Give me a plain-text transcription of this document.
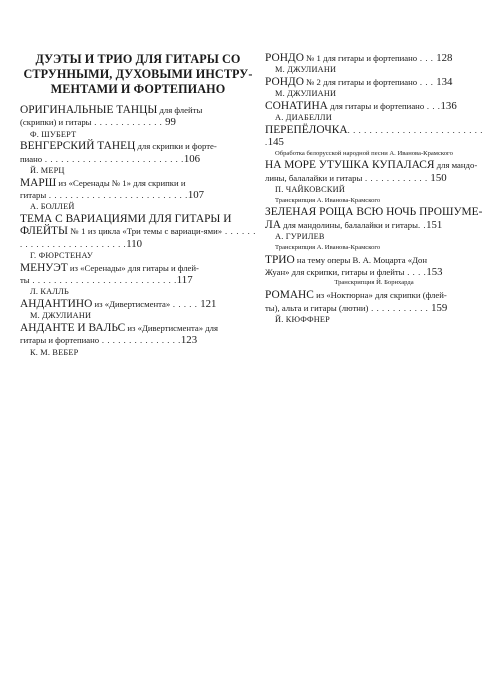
ДУЭТЫ И ТРИО ДЛЯ ГИТАРЫ СО
СТРУННЫМИ, ДУХОВЫМИ ИНСТРУ-
МЕНТАМИ И ФОРТЕПИАНО
ОРИГИНАЛЬНЫЕ ТАНЦЫ для флейты
(скрипки) и гитары . . . . . . . . . . . . . 99
Ф. ШУБЕРТ
ВЕНГЕРСКИЙ ТАНЕЦ для скрипки и форте-
пиано . . . . . . . . . . . . . . . . . . . . . . . . . .106
Й. МЕРЦ
МАРШ из «Серенады № 1» для скрипки и
гитары . . . . . . . . . . . . . . . . . . . . . . . . . .107
А. БОЛЛЕЙ
ТЕМА С ВАРИАЦИЯМИ ДЛЯ ГИТАРЫ И
ФЛЕЙТЫ № 1 из цикла «Три темы с вариаци-ями» . . . . . . . . . . . . . . . . . . . . . . . . . .110
Г. ФЮРСТЕНАУ
МЕНУЭТ из «Серенады» для гитары и флей-
ты . . . . . . . . . . . . . . . . . . . . . . . . . . .117
Л. КАЛЛЬ
АНДАНТИНО из «Дивертисмента» . . . . . 121
М. ДЖУЛИАНИ
АНДАНТЕ И ВАЛЬС из «Дивертисмента» для
гитары и фортепиано . . . . . . . . . . . . . . .123
К. М. ВЕБЕР
РОНДО № 1 для гитары и фортепиано . . . 128
М. ДЖУЛИАНИ
РОНДО № 2 для гитары и фортепиано . . . 134
М. ДЖУЛИАНИ
СОНАТИНА для гитары и фортепиано . . .136
А. ДИАБЕЛЛИ
ПЕРЕПЁЛОЧКА. . . . . . . . . . . . . . . . . . . . . . . . . .145
Обработка белорусской народной песни А. Иванова-Крамского
НА МОРЕ УТУШКА КУПАЛАСЯ для мандо-
лины, балалайки и гитары . . . . . . . . . . . . 150
П. ЧАЙКОВСКИЙ
Транскрипция А. Иванова-Крамского
ЗЕЛЕНАЯ РОЩА ВСЮ НОЧЬ ПРОШУМЕ-
ЛА для мандолины, балалайки и гитары. .151
А. ГУРИЛЕВ
Транскрипция А. Иванова-Крамского
ТРИО на тему оперы В. А. Моцарта «Дон
Жуан» для скрипки, гитары и флейты . . . .153
Транскрипция Й. Борнхарда
РОМАНС из «Ноктюрна» для скрипки (флей-
ты), альта и гитары (лютни) . . . . . . . . . . . 159
Й. КЮФФНЕР
